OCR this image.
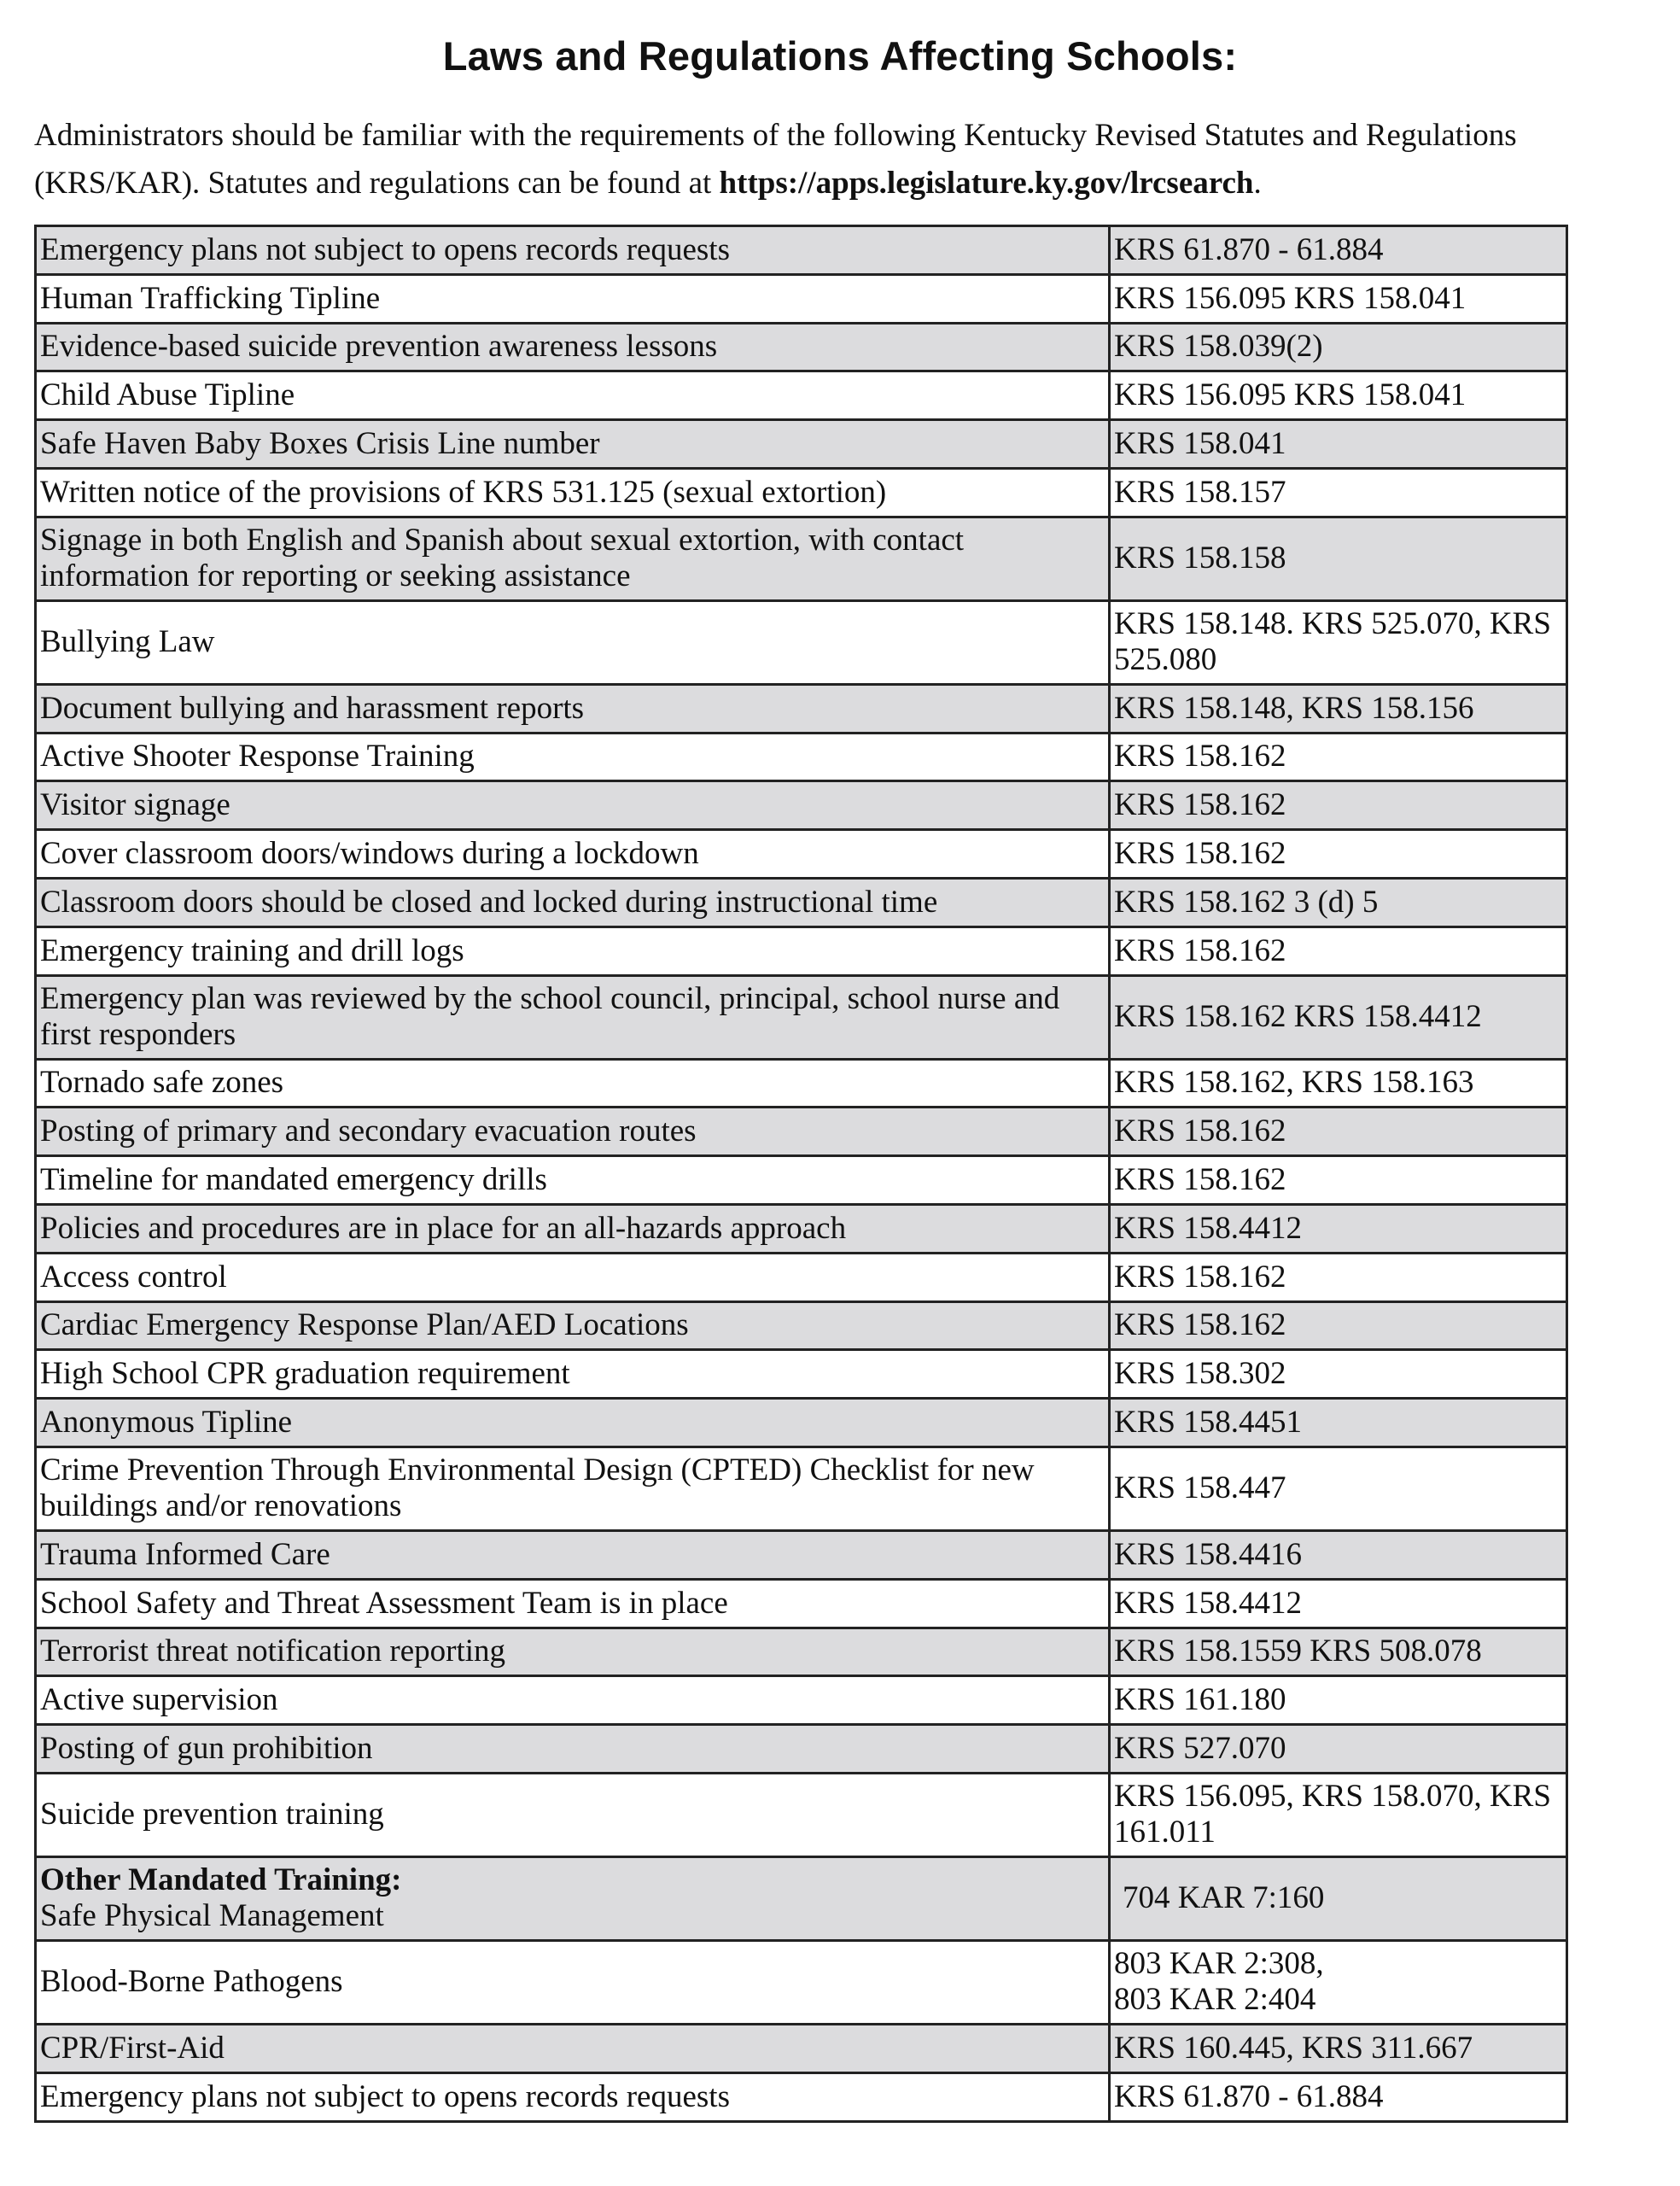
Laws and Regulations Affecting Schools:

Administrators should be familiar with the requirements of the following Kentucky Revised Statutes and Regulations (KRS/KAR). Statutes and regulations can be found at https://apps.legislature.ky.gov/lrcsearch.

Emergency plans not subject to opens records requests	KRS 61.870 - 61.884
Human Trafficking Tipline	KRS 156.095 KRS 158.041
Evidence-based suicide prevention awareness lessons	KRS 158.039(2)
Child Abuse Tipline	KRS 156.095 KRS 158.041
Safe Haven Baby Boxes Crisis Line number	KRS 158.041
Written notice of the provisions of KRS 531.125 (sexual extortion)	KRS 158.157
Signage in both English and Spanish about sexual extortion, with contact information for reporting or seeking assistance	KRS 158.158
Bullying Law	KRS 158.148. KRS 525.070, KRS 525.080
Document bullying and harassment reports	KRS 158.148, KRS 158.156
Active Shooter Response Training	KRS 158.162
Visitor signage	KRS 158.162
Cover classroom doors/windows during a lockdown	KRS 158.162
Classroom doors should be closed and locked during instructional time	KRS 158.162 3 (d) 5
Emergency training and drill logs	KRS 158.162
Emergency plan was reviewed by the school council, principal, school nurse and first responders	KRS 158.162 KRS 158.4412
Tornado safe zones	KRS 158.162, KRS 158.163
Posting of primary and secondary evacuation routes	KRS 158.162
Timeline for mandated emergency drills	KRS 158.162
Policies and procedures are in place for an all-hazards approach	KRS 158.4412
Access control	KRS 158.162
Cardiac Emergency Response Plan/AED Locations	KRS 158.162
High School CPR graduation requirement	KRS 158.302
Anonymous Tipline	KRS 158.4451
Crime Prevention Through Environmental Design (CPTED) Checklist for new buildings and/or renovations	KRS 158.447
Trauma Informed Care	KRS 158.4416
School Safety and Threat Assessment Team is in place	KRS 158.4412
Terrorist threat notification reporting	KRS 158.1559 KRS 508.078
Active supervision	KRS 161.180
Posting of gun prohibition	KRS 527.070
Suicide prevention training	KRS 156.095, KRS 158.070, KRS 161.011

Other Mandated Training:
Safe Physical Management	704 KAR 7:160
Blood-Borne Pathogens	803 KAR 2:308,
803 KAR 2:404

CPR/First-Aid	KRS 160.445, KRS 311.667
Emergency plans not subject to opens records requests	KRS 61.870 - 61.884
